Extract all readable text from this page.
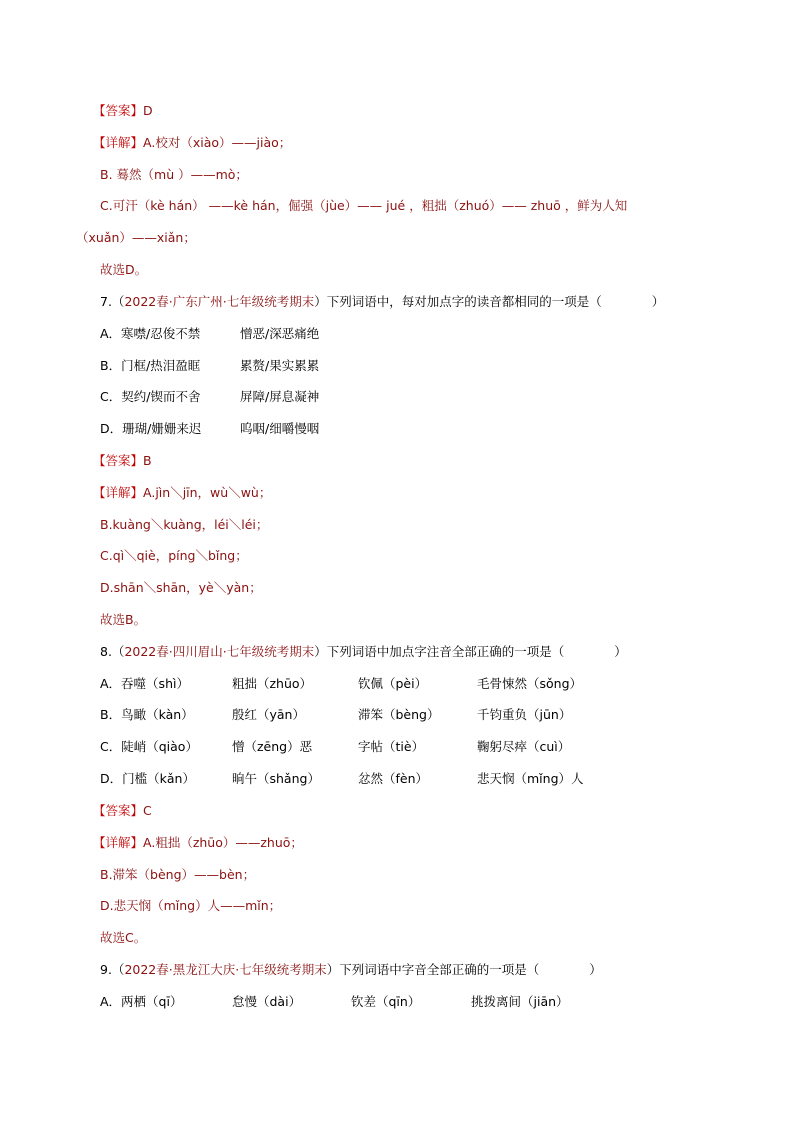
【答案】D
【详解】A.校对（xiào）——jiào；
B. 蓦然（mù ）——mò；
C.可汗（kè hán） ——kè hán，倔强（jùe）—— jué ，粗拙（zhuó）—— zhuō ，鲜为人知
（xuǎn）——xiǎn；
故选D。
7.（2022春·广东广州·七年级统考期末）下列词语中，每对加点字的读音都相同的一项是（	）
A．寒噤/忍俊不禁	憎恶/深恶痛绝
B．门框/热泪盈眶	累赘/果实累累
C．契约/锲而不舍	屏障/屏息凝神
D．珊瑚/姗姗来迟	呜咽/细嚼慢咽
【答案】B
【详解】A.jìn＼jīn，wù＼wù；
B.kuàng＼kuàng，léi＼léi；
C.qì＼qiè，píng＼bǐng；
D.shān＼shān，yè＼yàn；
故选B。
8.（2022春·四川眉山·七年级统考期末）下列词语中加点字注音全部正确的一项是（	）
A．吞噬（shì）	粗拙（zhūo）	钦佩（pèi）	毛骨悚然（sǒng）
B．鸟瞰（kàn）	殷红（yān）	滞笨（bèng）	千钧重负（jūn）
C．陡峭（qiào）	憎（zēng）恶	字帖（tiè）	鞠躬尽瘁（cuì）
D．门槛（kǎn）	晌午（shǎng）	忿然（fèn）	悲天悯（mǐng）人
【答案】C
【详解】A.粗拙（zhūo）——zhuō；
B.滞笨（bèng）——bèn；
D.悲天悯（mǐng）人——mǐn；
故选C。
9.（2022春·黑龙江大庆·七年级统考期末）下列词语中字音全部正确的一项是（	）
A．两栖（qī）	怠慢（dài）	钦差（qīn）	挑拨离间（jiān）
